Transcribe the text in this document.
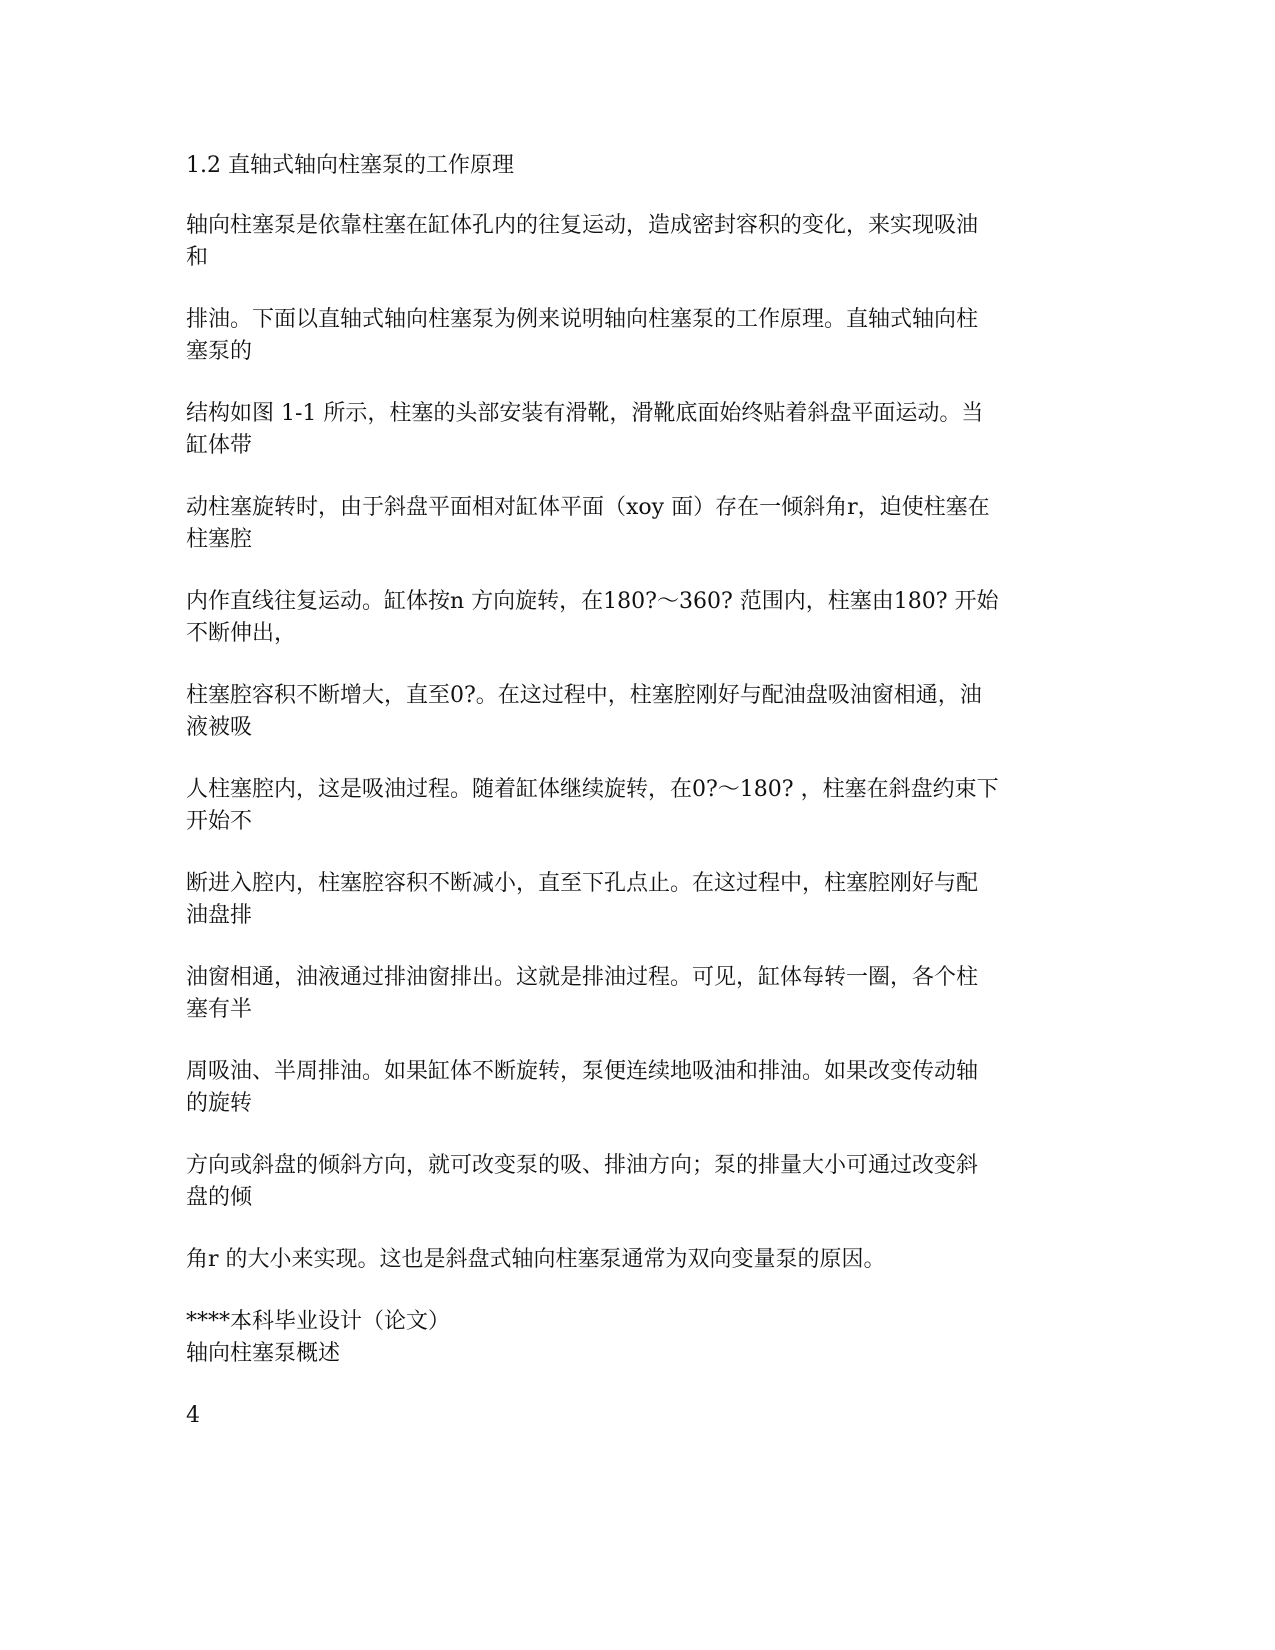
1.2 直轴式轴向柱塞泵的工作原理
轴向柱塞泵是依靠柱塞在缸体孔内的往复运动，造成密封容积的变化，来实现吸油
和
排油。下面以直轴式轴向柱塞泵为例来说明轴向柱塞泵的工作原理。直轴式轴向柱
塞泵的
结构如图 1-1 所示，柱塞的头部安装有滑靴，滑靴底面始终贴着斜盘平面运动。当
缸体带
动柱塞旋转时，由于斜盘平面相对缸体平面（xoy 面）存在一倾斜角r，迫使柱塞在
柱塞腔
内作直线往复运动。缸体按n 方向旋转，在180?～360? 范围内，柱塞由180? 开始
不断伸出，
柱塞腔容积不断增大，直至0?。在这过程中，柱塞腔刚好与配油盘吸油窗相通，油
液被吸
人柱塞腔内，这是吸油过程。随着缸体继续旋转，在0?～180? ，柱塞在斜盘约束下
开始不
断进入腔内，柱塞腔容积不断减小，直至下孔点止。在这过程中，柱塞腔刚好与配
油盘排
油窗相通，油液通过排油窗排出。这就是排油过程。可见，缸体每转一圈，各个柱
塞有半
周吸油、半周排油。如果缸体不断旋转，泵便连续地吸油和排油。如果改变传动轴
的旋转
方向或斜盘的倾斜方向，就可改变泵的吸、排油方向；泵的排量大小可通过改变斜
盘的倾
角r 的大小来实现。这也是斜盘式轴向柱塞泵通常为双向变量泵的原因。
****本科毕业设计（论文）
轴向柱塞泵概述
4
